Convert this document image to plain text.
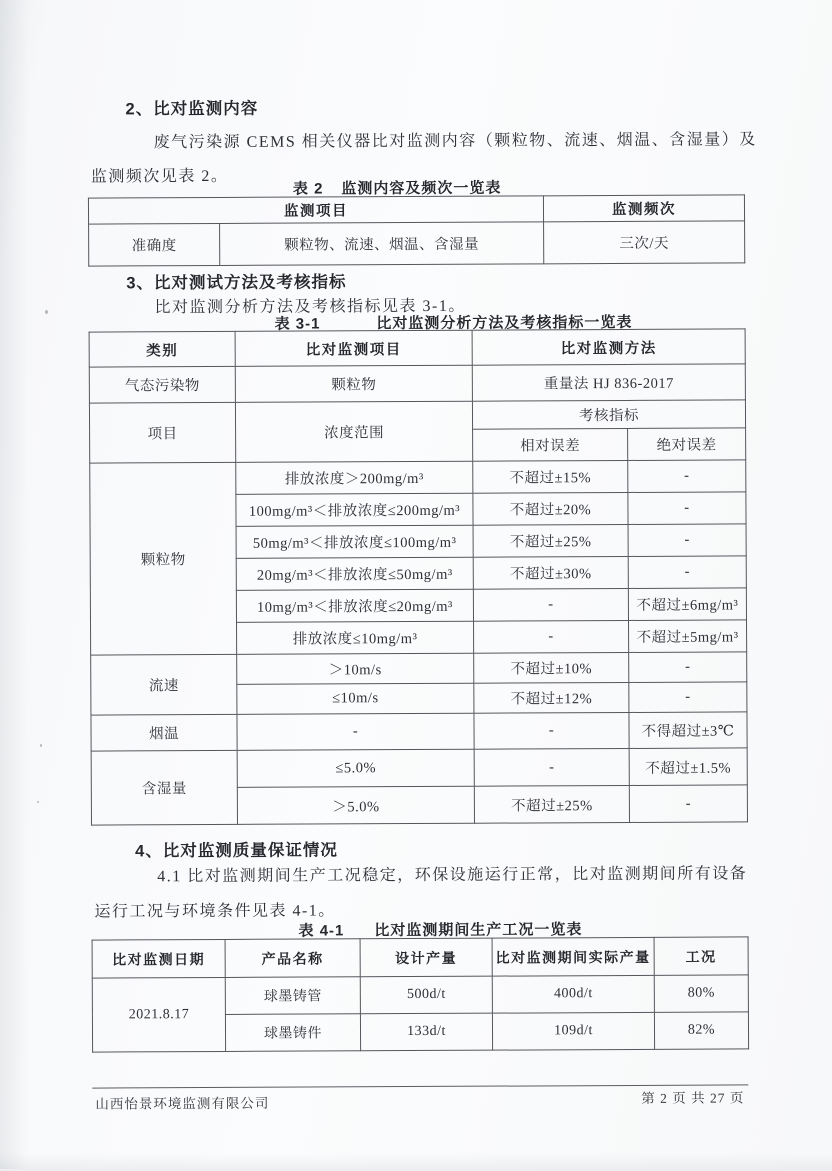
2、比对监测内容
废气污染源 CEMS 相关仪器比对监测内容（颗粒物、流速、烟温、含湿量）及
监测频次见表 2。
表 2 监测内容及频次一览表
监测项目		监测频次
准确度	颗粒物、流速、烟温、含湿量	三次/天
3、比对测试方法及考核指标
比对监测分析方法及考核指标见表 3-1。
表 3-1	比对监测分析方法及考核指标一览表
类别	比对监测项目	比对监测方法	
气态污染物	颗粒物	重量法 HJ 836-2017	
项目	浓度范围	考核指标	
		相对误差	绝对误差
颗粒物	排放浓度＞200mg/m³	不超过±15%	-
	100mg/m³＜排放浓度≤200mg/m³	不超过±20%	-
	50mg/m³＜排放浓度≤100mg/m³	不超过±25%	-
	20mg/m³＜排放浓度≤50mg/m³	不超过±30%	-
	10mg/m³＜排放浓度≤20mg/m³	-	不超过±6mg/m³
	排放浓度≤10mg/m³	-	不超过±5mg/m³
流速	＞10m/s	不超过±10%	-
	≤10m/s	不超过±12%	-
烟温	-	-	不得超过±3℃
含湿量	≤5.0%	-	不超过±1.5%
	＞5.0%	不超过±25%	-
4、比对监测质量保证情况
4.1 比对监测期间生产工况稳定，环保设施运行正常，比对监测期间所有设备
运行工况与环境条件见表 4-1。
表 4-1 比对监测期间生产工况一览表
比对监测日期	产品名称	设计产量	比对监测期间实际产量	工况
2021.8.17	球墨铸管	500d/t	400d/t	80%
	球墨铸件	133d/t	109d/t	82%
山西怡景环境监测有限公司	第 2 页 共 27 页
